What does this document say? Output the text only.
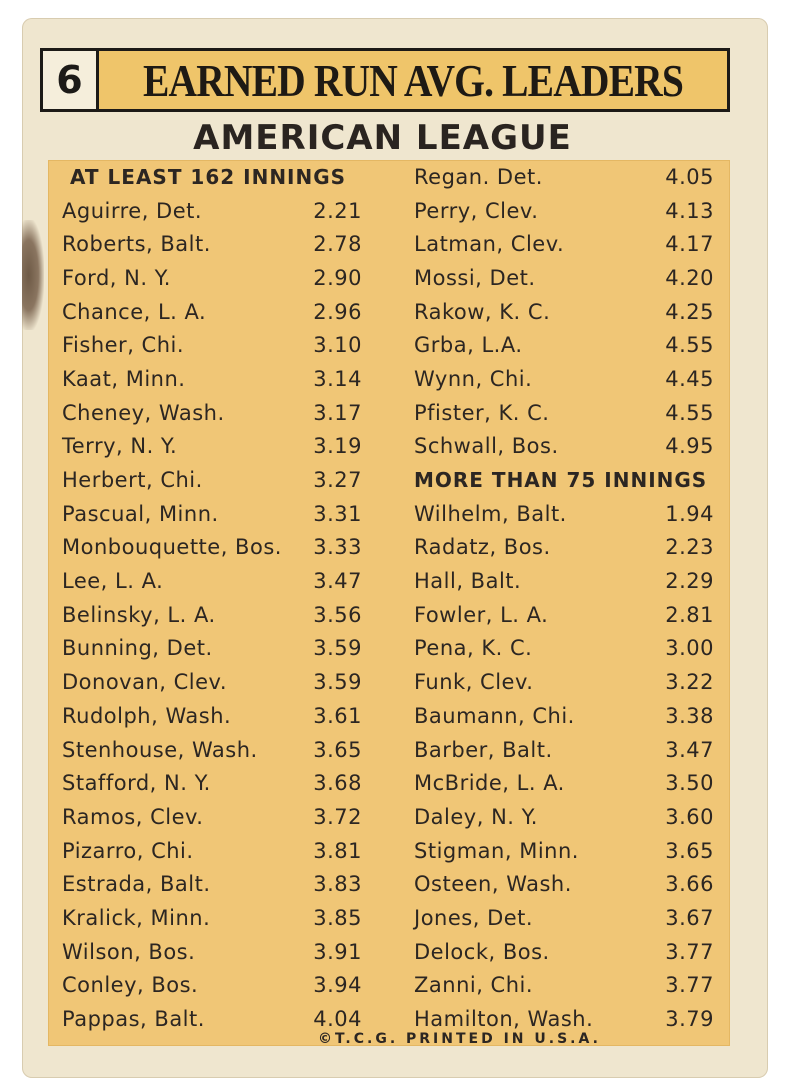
6	EARNED RUN AVG. LEADERS
AMERICAN LEAGUE
AT LEAST 162 INNINGS
Aguirre, Det.	2.21
Roberts, Balt.	2.78
Ford, N. Y.	2.90
Chance, L. A.	2.96
Fisher, Chi.	3.10
Kaat, Minn.	3.14
Cheney, Wash.	3.17
Terry, N. Y.	3.19
Herbert, Chi.	3.27
Pascual, Minn.	3.31
Monbouquette, Bos. 3.33
Lee, L. A.	3.47
Belinsky, L. A.	3.56
Bunning, Det.	3.59
Donovan, Clev.	3.59
Rudolph, Wash.	3.61
Stenhouse, Wash.	3.65
Stafford, N. Y.	3.68
Ramos, Clev.	3.72
Pizarro, Chi.	3.81
Estrada, Balt.	3.83
Kralick, Minn.	3.85
Wilson, Bos.	3.91
Conley, Bos.	3.94
Pappas, Balt.	4.04
Regan. Det.	4.05
Perry, Clev.	4.13
Latman, Clev.	4.17
Mossi, Det.	4.20
Rakow, K. C.	4.25
Grba, L.A.	4.55
Wynn, Chi.	4.45
Pfister, K. C.	4.55
Schwall, Bos.	4.95
MORE THAN 75 INNINGS
Wilhelm, Balt.	1.94
Radatz, Bos.	2.23
Hall, Balt.	2.29
Fowler, L. A.	2.81
Pena, K. C.	3.00
Funk, Clev.	3.22
Baumann, Chi.	3.38
Barber, Balt.	3.47
McBride, L. A.	3.50
Daley, N. Y.	3.60
Stigman, Minn.	3.65
Osteen, Wash.	3.66
Jones, Det.	3.67
Delock, Bos.	3.77
Zanni, Chi.	3.77
Hamilton, Wash.	3.79
©T.C.G. PRINTED IN U.S.A.
